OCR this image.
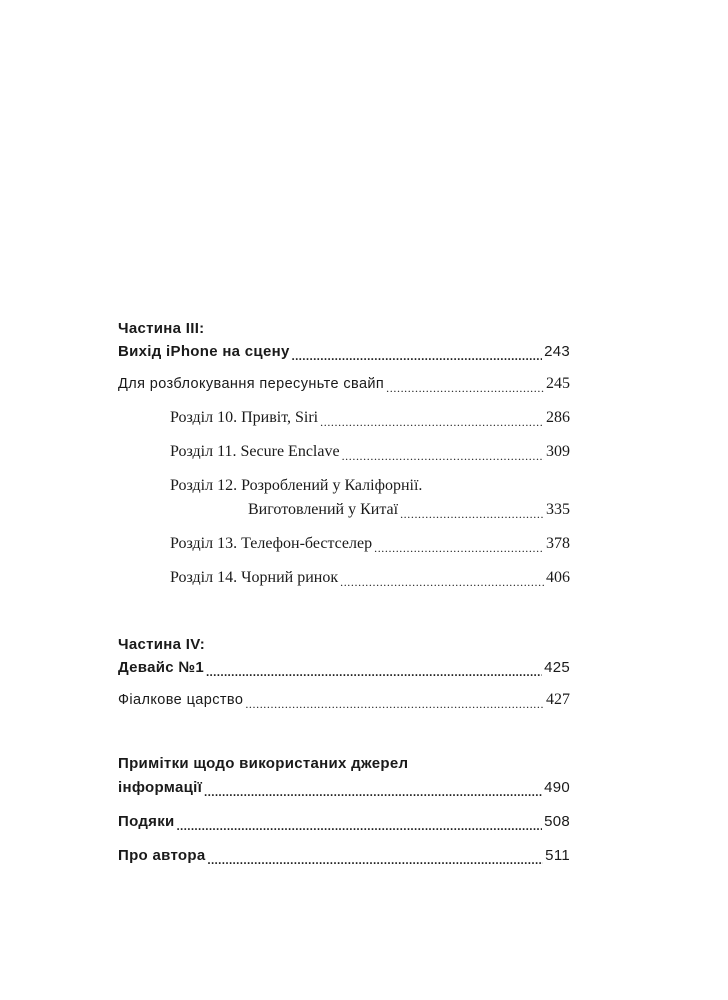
Частина III:
Вихід iPhone на сцену .....	243
Для розблокування пересуньте свайп .....	245
Розділ 10. Привіт, Siri .....	286
Розділ 11. Secure Enclave .....	309
Розділ 12. Розроблений у Каліфорнії.
Виготовлений у Китаї .....	335
Розділ 13. Телефон-бестселер .....	378
Розділ 14. Чорний ринок .....	406
Частина IV:
Девайс №1 .....	425
Фіалкове царство .....	427
Примітки щодо використаних джерел
інформації .....	490
Подяки .....	508
Про автора .....	511
